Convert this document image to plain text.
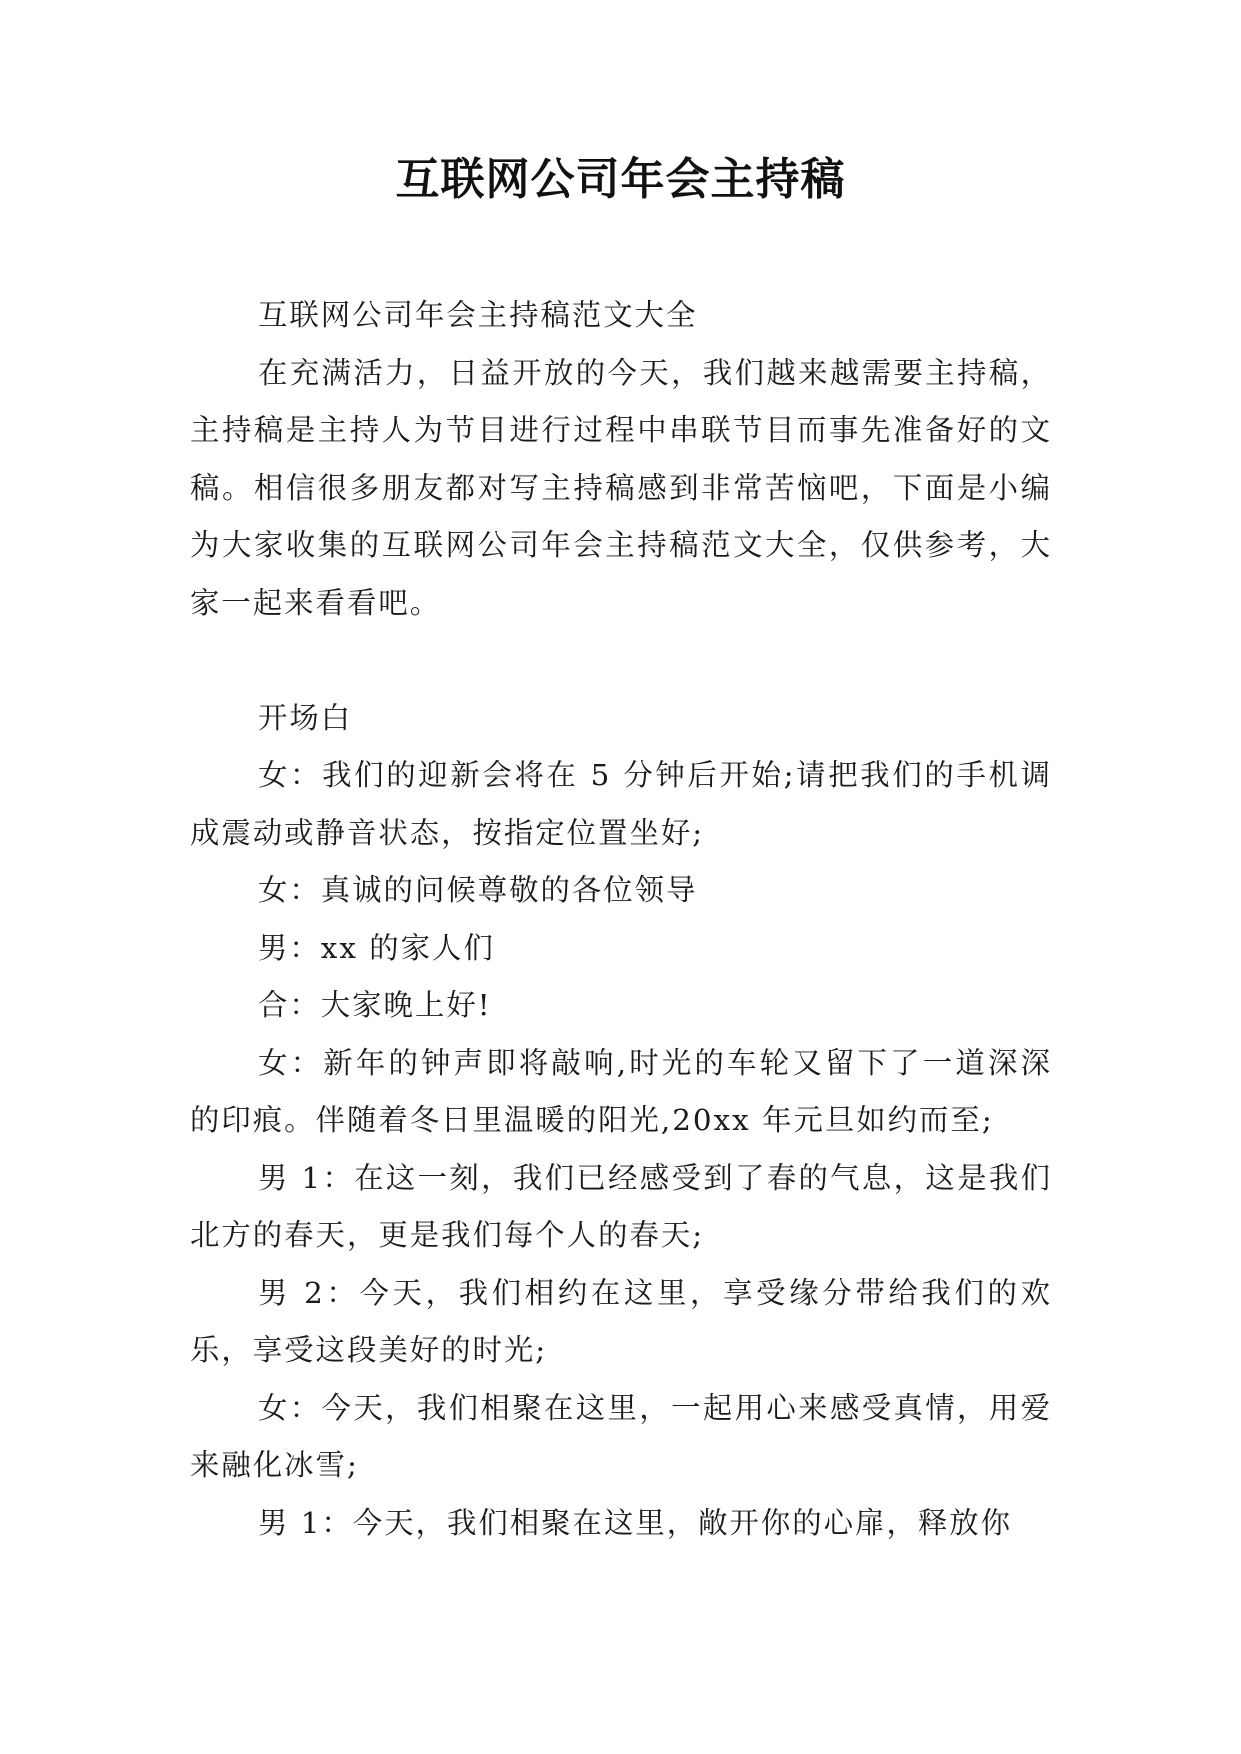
互联网公司年会主持稿

互联网公司年会主持稿范文大全

在充满活力，日益开放的今天，我们越来越需要主持稿，主持稿是主持人为节目进行过程中串联节目而事先准备好的文稿。相信很多朋友都对写主持稿感到非常苦恼吧，下面是小编为大家收集的互联网公司年会主持稿范文大全，仅供参考，大家一起来看看吧。

开场白

女：我们的迎新会将在 5 分钟后开始;请把我们的手机调成震动或静音状态，按指定位置坐好;

女：真诚的问候尊敬的各位领导

男：xx 的家人们

合：大家晚上好!

女：新年的钟声即将敲响,时光的车轮又留下了一道深深的印痕。伴随着冬日里温暖的阳光,20xx 年元旦如约而至;

男 1：在这一刻，我们已经感受到了春的气息，这是我们北方的春天，更是我们每个人的春天;

男 2：今天，我们相约在这里，享受缘分带给我们的欢乐，享受这段美好的时光;

女：今天，我们相聚在这里，一起用心来感受真情，用爱来融化冰雪;

男 1：今天，我们相聚在这里，敞开你的心扉，释放你
